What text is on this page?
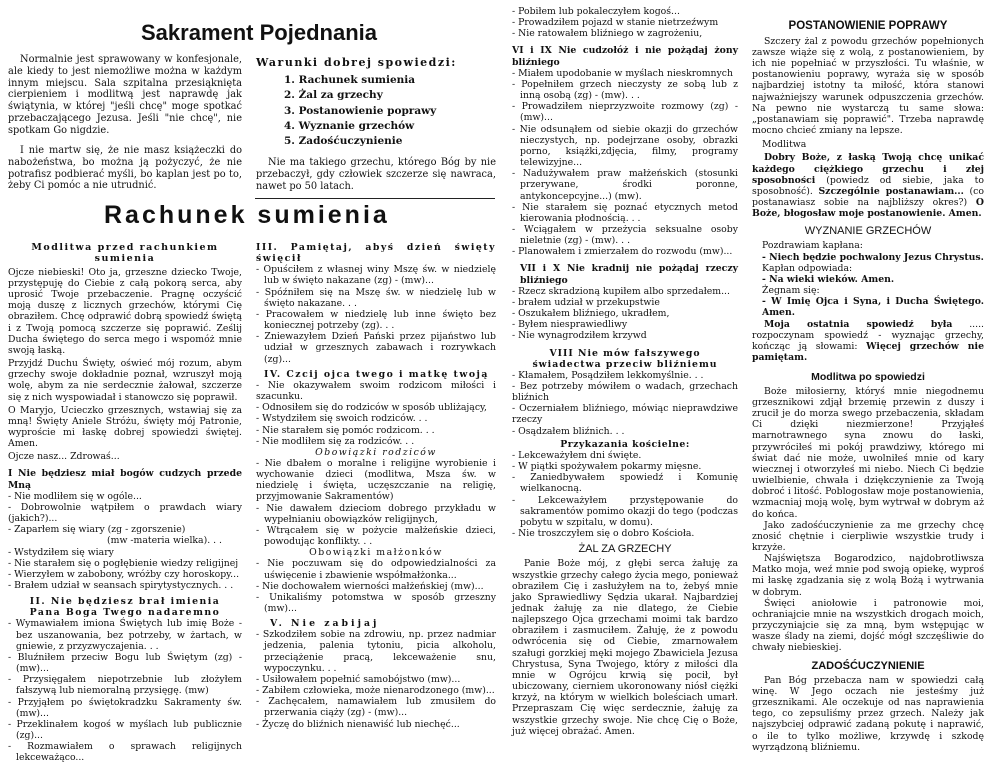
Sakrament Pojednania
Normalnie jest sprawowany w konfesjonale, ale kiedy to jest niemożliwe można w każdym innym miejscu. Sala szpitalna przesiąknięta cierpieniem i modlitwą jest naprawdę jak świątynia, w której "jeśli chcę" moge spotkać przebaczającego Jezusa. Jeśli "nie chcę", nie spotkam Go nigdzie.
I nie martw się, że nie masz książeczki do nabożeństwa, bo można ją pożyczyć, że nie potrafisz podbierać myśli, bo kaplan jest po to, żeby Ci pomóc a nie utrudnić.
Warunki dobrej spowiedzi:
1. Rachunek sumienia
2. Żal za grzechy
3. Postanowienie poprawy
4. Wyznanie grzechów
5. Zadośćuczynienie
Nie ma takiego grzechu, którego Bóg by nie przebaczył, gdy człowiek szczerze się nawraca, nawet po 50 latach.
Rachunek sumienia
Modlitwa przed rachunkiem sumienia

Ojcze niebieski! Oto ja, grzeszne dziecko Twoje, przystępuję do Ciebie z całą pokorą serca, aby uprosić Twoje przebaczenie. Pragnę oczyścić moją duszę z licznych grzechów, którymi Cię obraziłem. Chcę odprawić dobrą spowiedź świętą i z Twoją pomocą szczerze się poprawić. Ześlij Ducha świętego do serca mego i wspomóż mnie swoją łaską.

Przyjdź Duchu Święty, oświeć mój rozum, abym grzechy swoje dokładnie poznał, wzruszył moją wolę, abym za nie serdecznie żałował, szczerze się z nich wyspowiadał i stanowczo się poprawił.

O Maryjo, Ucieczko grzesznych, wstawiaj się za mną! Święty Aniele Stróżu, święty mój Patronie, wyproście mi łaskę dobrej spowiedzi świętej. Amen.

Ojcze nasz... Zdrowaś...

I Nie będziesz miał bogów cudzych przede Mną
- Nie modliłem się w ogóle...
- Dobrowolnie wątpiłem o prawdach wiary (jakich?)...
- Zaparłem się wiary (zg - zgorszenie)
(mw -materia wielka). . .
- Wstydziłem się wiary
- Nie starałem się o pogłębienie wiedzy religijnej
- Wierzyłem w zabobony, wróżby czy horoskopy...
- Brałem udział w seansach spirytystycznych. . .
II. Nie będziesz brał imienia Pana Boga Twego nadaremno
- Wymawiałem imiona Świętych lub imię Boże - bez uszanowania, bez potrzeby, w żartach, w gniewie, z przyzwyczajenia. . .
- Bluźniłem przeciw Bogu lub Świętym (zg) - (mw)...
- Przysięgałem niepotrzebnie lub złożyłem fałszywą lub niemoralną przysięgę. (mw)
- Przyjąłem po świętokradzku Sakramenty św. (mw)...
- Przeklinałem kogoś w myślach lub publicznie (zg)...
- Rozmawiałem o sprawach religijnych lekceważąco...
III. Pamiętaj, abyś dzień święty święcił
- Opuściłem z własnej winy Mszę św. w niedzielę lub w święto nakazane (zg) - (mw)...
- Spóźniłem się na Mszę św. w niedzielę lub w święto nakazane. . .
- Pracowałem w niedzielę lub inne święto bez koniecznej potrzeby (zg). . .
- Zniewazyłem Dzień Pański przez pijaństwo lub udział w grzesznych zabawach i rozrywkach (zg)...
IV. Czcij ojca twego i matkę twoją
- Nie okazywałem swoim rodzicom miłości i szacunku.
- Odnosiłem się do rodziców w sposób ubliżający,
- Wstydziłem się swoich rodziców. . .
- Nie starałem się pomóc rodzicom. . .
- Nie modliłem się za rodziców. . .
Obowiązki rodziców
- Nie dbałem o moralne i religijne wyrobienie i wychowanie dzieci (modlitwa, Msza św. w niedzielę i święta, uczęszczanie na religię, przyjmowanie Sakramentów)
- Nie dawałem dzieciom dobrego przykładu w wypełnianiu obowiązków religijnych,
- Wtrącałem się w pożycie małżeńskie dzieci, powodując konflikty. . .
Obowiązki małżonków
- Nie poczuwam się do odpowiedzialności za uświęcenie i zbawienie współmałżonka...
- Nie dochowałem wierności małżeńskiej (mw)...
- Unikaliśmy potomstwa w sposób grzeszny (mw)...
V. Nie zabijaj
- Szkodziłem sobie na zdrowiu, np. przez nadmiar jedzenia, palenia tytoniu, picia alkoholu, przeciążenie pracą, lekceważenie snu, wypoczynku. . .
- Usiłowałem popełnić samobójstwo (mw)...
- Zabiłem człowieka, może nienarodzonego (mw)...
- Zachęcałem, namawiałem lub zmusiłem do przerwania ciąży (zg) - (mw)...
- Życzę do bliźnich nienawiść lub niechęć...
- Pobiłem lub pokaleczyłem kogoś...
- Prowadziłem pojazd w stanie nietrzeźwym
- Nie ratowałem bliźniego w zagrożeniu,
VI i IX Nie cudzołóż i nie pożądaj żony bliźniego
- Miałem upodobanie w myślach nieskromnych
- Popełniłem grzech nieczysty ze sobą lub z inną osobą (zg) - (mw). . .
- Prowadziłem nieprzyzwoite rozmowy (zg) - (mw)...
- Nie odsunąłem od siebie okazji do grzechów nieczystych, np. podejrzane osoby, obrazki porno, książki,zdjęcia, filmy, programy telewizyjne...
- Nadużywałem praw małżeńskich (stosunki przerywane, środki poronne, antykoncepcyjne...) (mw).
- Nie starałem się poznać etycznych metod kierowania płodnością. . .
- Wciągałem w przeżycia seksualne osoby nieletnie (zg) - (mw). . .
- Planowałem i zmierzałem do rozwodu (mw)...
VII i X Nie kradnij nie pożądaj rzeczy bliźniego
- Rzecz skradzioną kupiłem albo sprzedałem...
- brałem udział w przekupstwie
- Oszukałem bliźniego, ukradłem,
- Byłem niesprawiedliwy
- Nie wynagrodziłem krzywd
VIII Nie mów fałszywego świadectwa przeciw bliźniemu
- Kłamałem, Posądziłem lekkomyślnie. . .
- Bez potrzeby mówiłem o wadach, grzechach bliźnich
- Oczerniałem bliźniego, mówiąc nieprawdziwe rzeczy
- Osądzałem bliźnich. . .
Przykazania kościelne:
- Lekceważyłem dni święte.
- W piątki spożywałem pokarmy mięsne.
- Zaniedbywałem spowiedź i Komunię wielkanocną.
- Lekceważyłem przystępowanie do sakramentów pomimo okazji do tego (podczas pobytu w szpitalu, w domu).
- Nie troszczyłem się o dobro Kościoła.
ŻAL ZA GRZECHY
Panie Boże mój, z głębi serca żałuję za wszystkie grzechy całego życia mego, ponieważ obraziłem Cię i zasłużyłem na to, żebyś mnie jako Sprawiedliwy Sędzia ukarał. Najbardziej jednak żałuję za nie dlatego, że Ciebie najlepszego Ojca grzechami moimi tak bardzo obraziłem i zasmuciłem. Żałuję, że z powodu odwrócenia się od Ciebie, zmarnowałem szaługi gorzkiej męki mojego Zbawiciela Jezusa Chrystusa, Syna Twojego, który z miłości dla mnie w Ogrójcu krwią się pocił, był ubiczowany, cierniem ukoronowany niósł ciężki krzyż, na którym w wielkich boleściach umarł. Przepraszam Cię więc serdecznie, żałuję za wszystkie grzechy swoje. Nie chcę Cię o Boże, już więcej obrażać. Amen.
POSTANOWIENIE POPRAWY
Szczery żal z powodu grzechów popełnionych zawsze wiąże się z wolą, z postanowieniem, by ich nie popełniać w przyszłości. Tu właśnie, w postanowieniu poprawy, wyraża się w sposób najbardziej istotny ta miłość, która stanowi najważniejszy warunek odpuszczenia grzechów. Na pewno nie wystarczą tu same słowa: „postanawiam się poprawić". Trzeba naprawdę mocno chcieć zmiany na lepsze.
Modlitwa
Dobry Boże, z łaską Twoją chcę unikać każdego ciężkiego grzechu i złej sposobności (powiedz od siebie, jaka to sposobność). Szczególnie postanawiam... (co postanawiasz sobie na najbliższy okres?) O Boże, błogosław moje postanowienie. Amen.
WYZNANIE GRZECHÓW
Pozdrawiam kapłana:
- Niech będzie pochwalony Jezus Chrystus.
Kapłan odpowiada:
- Na wieki wieków. Amen.
Żegnam się:
- W Imię Ojca i Syna, i Ducha Świętego. Amen.
Moja ostatnia spowiedź była ..... rozpoczynam spowiedź - wyznając grzechy, kończąc ją słowami: Więcej grzechów nie pamiętam.
Modlitwa po spowiedzi
Boże miłosierny, któryś mnie niegodnemu grzesznikowi zdjął brzemię przewin z duszy i zrucił je do morza swego przebaczenia, składam Ci dzięki niezmierzone! Przyjąłeś marnotrawnego syna znowu do łaski, przywróciłeś mi pokój prawdziwy, którego mi świat dać nie może, uwolniłeś mnie od kary wiecznej i otworzyłeś mi niebo. Niech Ci będzie uwielbienie, chwała i dziękczynienie za Twoją dobroć i litość. Poblogosław moje postanowienia, wzmacniaj moją wolę, bym wytrwał w dobrym aż do końca.
Jako zadośćuczynienie za me grzechy chcę znosić chętnie i cierpliwie wszystkie trudy i krzyże.
Najświętsza Bogarodzico, najdobrotliwsza Matko moja, weź mnie pod swoją opiekę, wyproś mi łaskę zgadzania się z wolą Bożą i wytrwania w dobrym.
Święci aniołowie i patronowie moi, ochraniajcie mnie na wszystkich drogach moich, przyczyniajcie się za mną, bym wstępując w wasze ślady na ziemi, dojść mógł szczęśliwie do chwały niebieskiej.
ZADOŚĆUCZYNIENIE
Pan Bóg przebacza nam w spowiedzi całą winę. W Jego oczach nie jesteśmy już grzesznikami. Ale oczekuje od nas naprawienia tego, co zepsuliśmy przez grzech. Należy jak najszybciej odprawić zadaną pokutę i naprawić, o ile to tylko możliwe, krzywdę i szkodę wyrządzoną bliźniemu.
